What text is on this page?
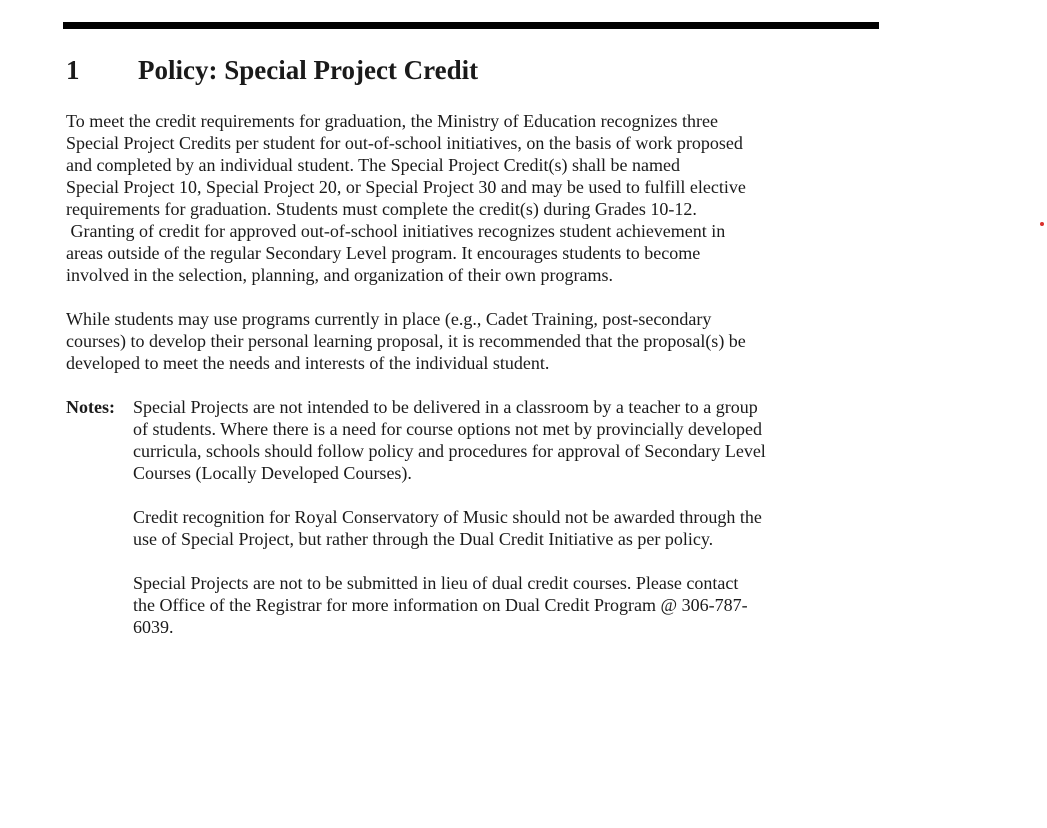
1 Policy: Special Project Credit
To meet the credit requirements for graduation, the Ministry of Education recognizes three
Special Project Credits per student for out-of-school initiatives, on the basis of work proposed
and completed by an individual student. The Special Project Credit(s) shall be named
Special Project 10, Special Project 20, or Special Project 30 and may be used to fulfill elective
requirements for graduation. Students must complete the credit(s) during Grades 10-12.
Granting of credit for approved out-of-school initiatives recognizes student achievement in
areas outside of the regular Secondary Level program. It encourages students to become
involved in the selection, planning, and organization of their own programs.
While students may use programs currently in place (e.g., Cadet Training, post-secondary
courses) to develop their personal learning proposal, it is recommended that the proposal(s) be
developed to meet the needs and interests of the individual student.
Notes: Special Projects are not intended to be delivered in a classroom by a teacher to a group
of students. Where there is a need for course options not met by provincially developed
curricula, schools should follow policy and procedures for approval of Secondary Level
Courses (Locally Developed Courses).
Credit recognition for Royal Conservatory of Music should not be awarded through the
use of Special Project, but rather through the Dual Credit Initiative as per policy.
Special Projects are not to be submitted in lieu of dual credit courses. Please contact
the Office of the Registrar for more information on Dual Credit Program @ 306-787-
6039.
